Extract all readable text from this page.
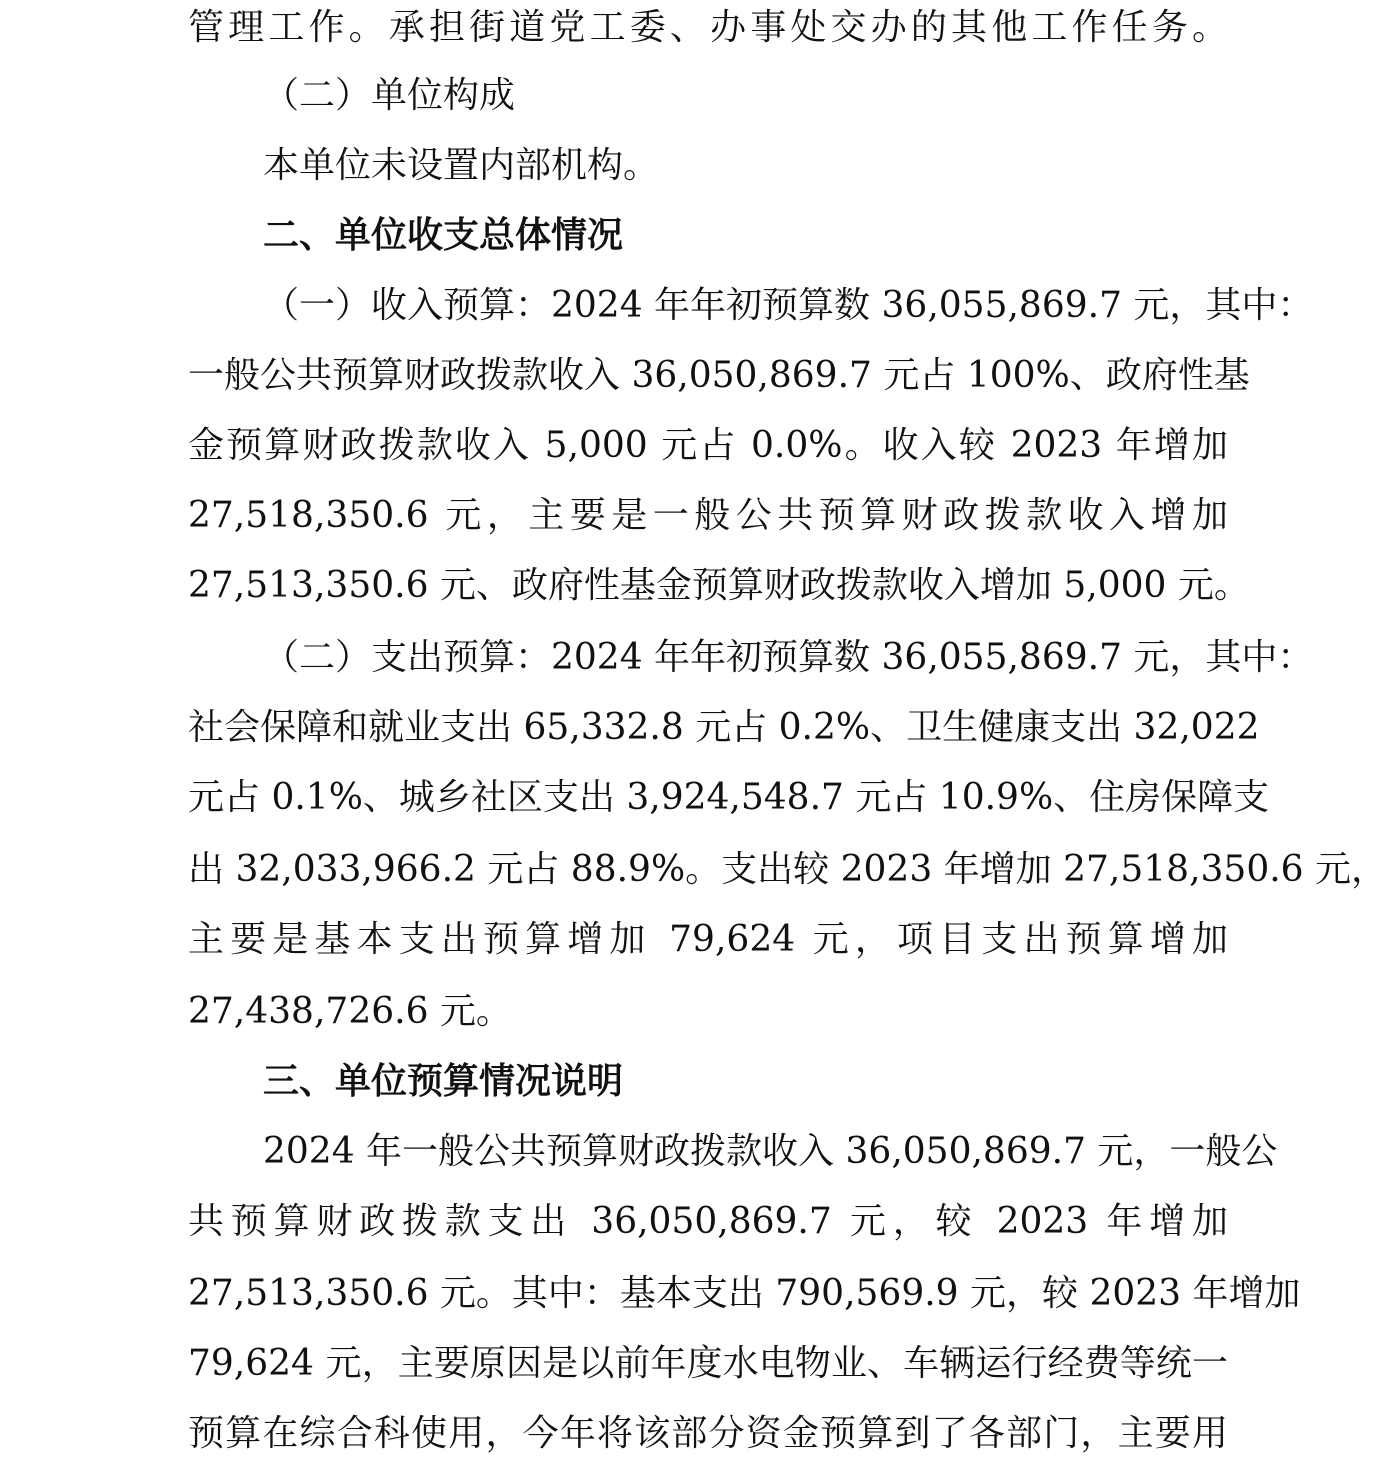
管理工作。承担街道党工委、办事处交办的其他工作任务。
（二）单位构成
本单位未设置内部机构。
二、单位收支总体情况
（一）收入预算：2024 年年初预算数 36,055,869.7 元，其中：
一般公共预算财政拨款收入 36,050,869.7 元占 100%、政府性基
金预算财政拨款收入 5,000 元占 0.0%。收入较 2023 年增加
27,518,350.6 元，主要是一般公共预算财政拨款收入增加
27,513,350.6 元、政府性基金预算财政拨款收入增加 5,000 元。
（二）支出预算：2024 年年初预算数 36,055,869.7 元，其中：
社会保障和就业支出 65,332.8 元占 0.2%、卫生健康支出 32,022
元占 0.1%、城乡社区支出 3,924,548.7 元占 10.9%、住房保障支
出 32,033,966.2 元占 88.9%。支出较 2023 年增加 27,518,350.6 元，
主要是基本支出预算增加 79,624 元，项目支出预算增加
27,438,726.6 元。
三、单位预算情况说明
2024 年一般公共预算财政拨款收入 36,050,869.7 元，一般公
共预算财政拨款支出 36,050,869.7 元，较 2023 年增加
27,513,350.6 元。其中：基本支出 790,569.9 元，较 2023 年增加
79,624 元，主要原因是以前年度水电物业、车辆运行经费等统一
预算在综合科使用，今年将该部分资金预算到了各部门，主要用
